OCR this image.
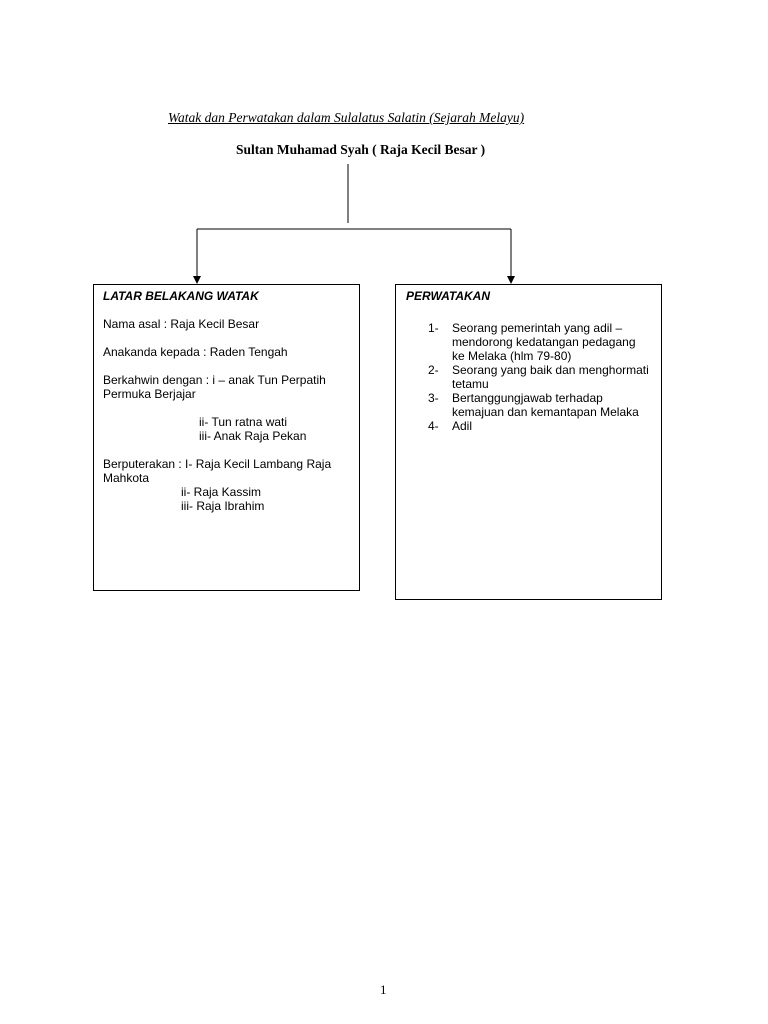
Watak dan Perwatakan dalam Sulalatus Salatin (Sejarah Melayu)
Sultan Muhamad Syah ( Raja Kecil Besar )
LATAR BELAKANG WATAK
Nama asal : Raja Kecil Besar
Anakanda kepada : Raden Tengah
Berkahwin dengan : i – anak Tun Perpatih Permuka Berjajar
ii- Tun ratna wati
iii- Anak Raja Pekan
Berputerakan : I- Raja Kecil Lambang Raja Mahkota
ii- Raja Kassim
iii- Raja Ibrahim
PERWATAKAN
1-	Seorang pemerintah yang adil – mendorong kedatangan pedagang ke Melaka (hlm 79-80)
2-	Seorang yang baik dan menghormati tetamu
3-	Bertanggungjawab terhadap kemajuan dan kemantapan Melaka
4-	Adil
1
